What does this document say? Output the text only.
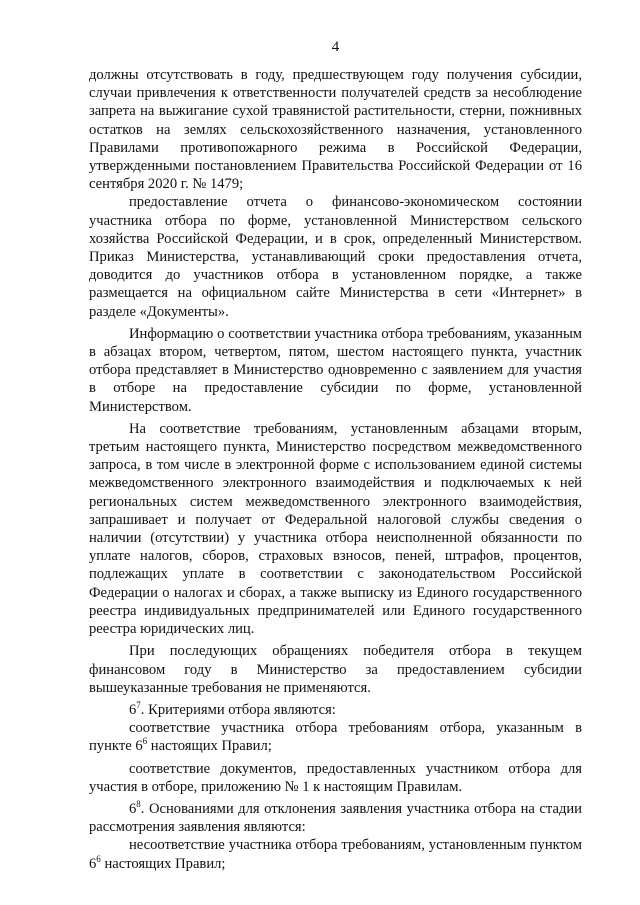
4

должны отсутствовать в году, предшествующем году получения субсидии, случаи привлечения к ответственности получателей средств за несоблюдение запрета на выжигание сухой травянистой растительности, стерни, пожнивных остатков на землях сельскохозяйственного назначения, установленного Правилами противопожарного режима в Российской Федерации, утвержденными постановлением Правительства Российской Федерации от 16 сентября 2020 г. № 1479;

предоставление отчета о финансово-экономическом состоянии участника отбора по форме, установленной Министерством сельского хозяйства Российской Федерации, и в срок, определенный Министерством. Приказ Министерства, устанавливающий сроки предоставления отчета, доводится до участников отбора в установленном порядке, а также размещается на официальном сайте Министерства в сети «Интернет» в разделе «Документы».

Информацию о соответствии участника отбора требованиям, указанным в абзацах втором, четвертом, пятом, шестом настоящего пункта, участник отбора представляет в Министерство одновременно с заявлением для участия в отборе на предоставление субсидии по форме, установленной Министерством.

На соответствие требованиям, установленным абзацами вторым, третьим настоящего пункта, Министерство посредством межведомственного запроса, в том числе в электронной форме с использованием единой системы межведомственного электронного взаимодействия и подключаемых к ней региональных систем межведомственного электронного взаимодействия, запрашивает и получает от Федеральной налоговой службы сведения о наличии (отсутствии) у участника отбора неисполненной обязанности по уплате налогов, сборов, страховых взносов, пеней, штрафов, процентов, подлежащих уплате в соответствии с законодательством Российской Федерации о налогах и сборах, а также выписку из Единого государственного реестра индивидуальных предпринимателей или Единого государственного реестра юридических лиц.

При последующих обращениях победителя отбора в текущем финансовом году в Министерство за предоставлением субсидии вышеуказанные требования не применяются.

$6^7$. Критериями отбора являются:

соответствие участника отбора требованиям отбора, указанным в пункте $6^6$ настоящих Правил;

соответствие документов, предоставленных участником отбора для участия в отборе, приложению № 1 к настоящим Правилам.

$6^8$. Основаниями для отклонения заявления участника отбора на стадии рассмотрения заявления являются:

несоответствие участника отбора требованиям, установленным пунктом $6^6$ настоящих Правил;
